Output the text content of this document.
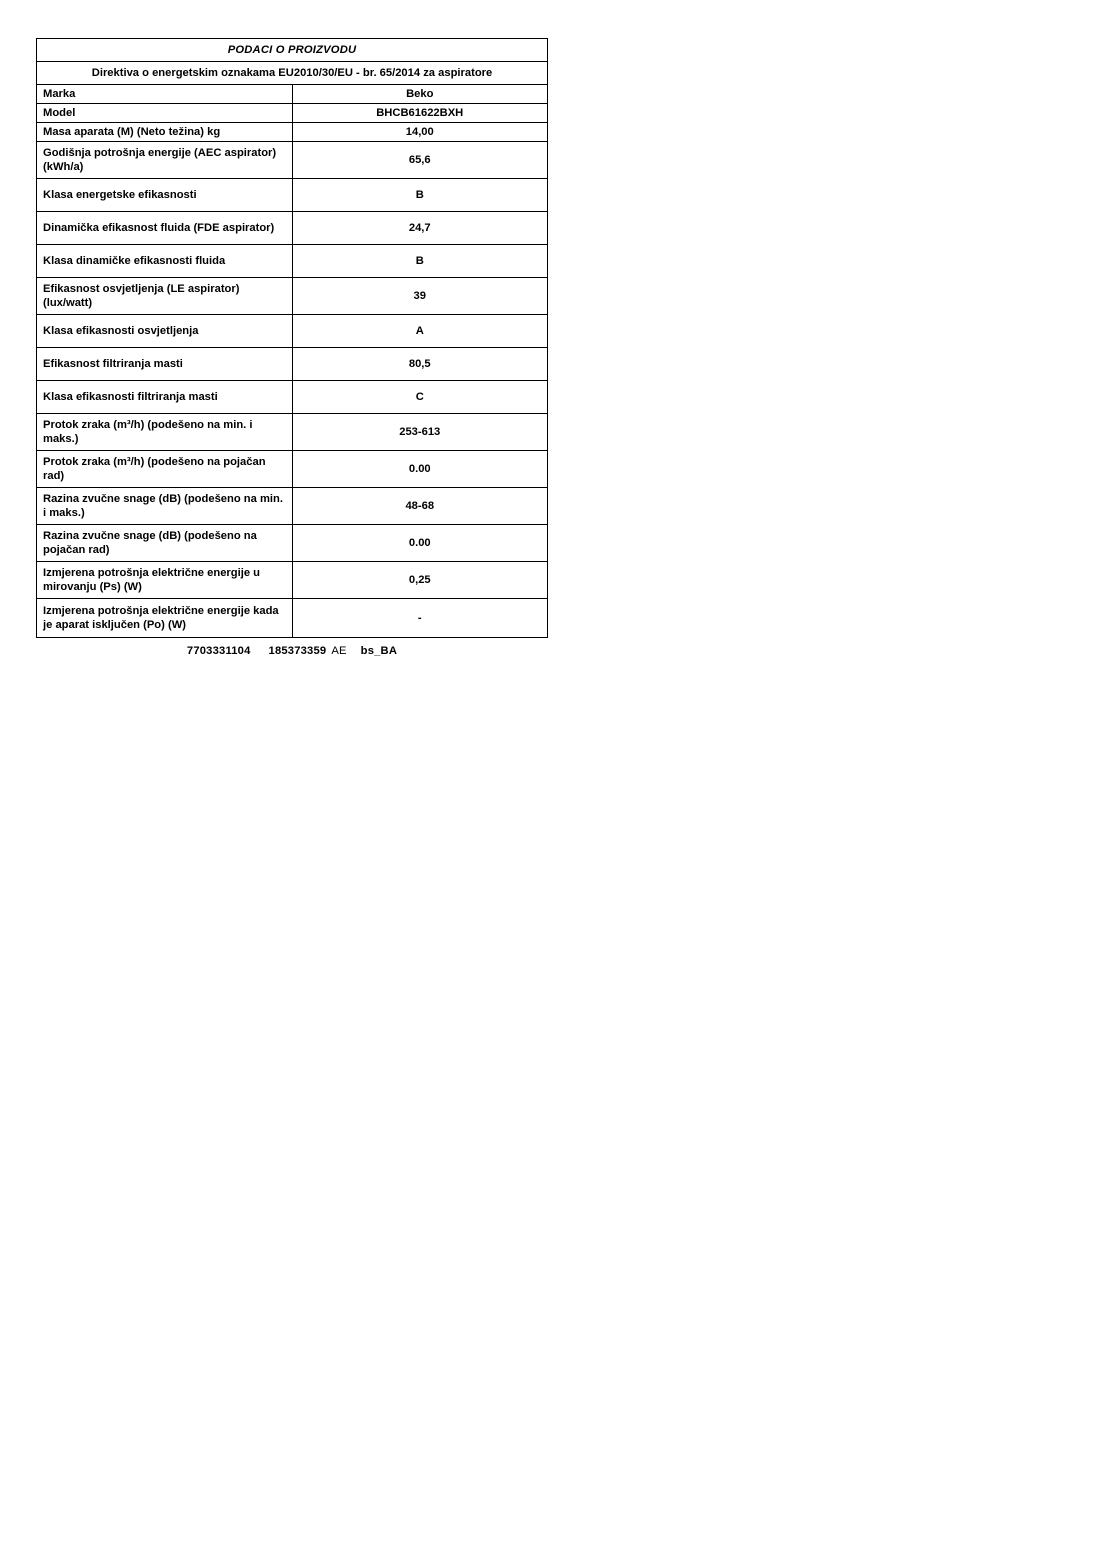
PODACI O PROIZVODU	
Direktiva o energetskim oznakama EU2010/30/EU - br. 65/2014 za aspiratore	
Marka	Beko
Model	BHCB61622BXH
Masa aparata (M) (Neto težina) kg	14,00
Godišnja potrošnja energije (AEC aspirator)(kWh/a)	65,6
Klasa energetske efikasnosti	B
Dinamička efikasnost fluida (FDE aspirator)	24,7
Klasa dinamičke efikasnosti fluida	B
Efikasnost osvjetljenja (LE aspirator) (lux/watt)	39
Klasa efikasnosti osvjetljenja	A
Efikasnost filtriranja masti	80,5
Klasa efikasnosti filtriranja masti	C
Protok zraka (m³/h) (podešeno na min. i maks.)	253-613
Protok zraka (m³/h) (podešeno na pojačan rad)	0.00
Razina zvučne snage (dB) (podešeno na min. i maks.)	48-68
Razina zvučne snage (dB) (podešeno na pojačan rad)	0.00
Izmjerena potrošnja električne energije u mirovanju (Ps) (W)	0,25
Izmjerena potrošnja električne energije kada je aparat isključen (Po) (W)	-
7703331104 185373359 AE bs_BA
